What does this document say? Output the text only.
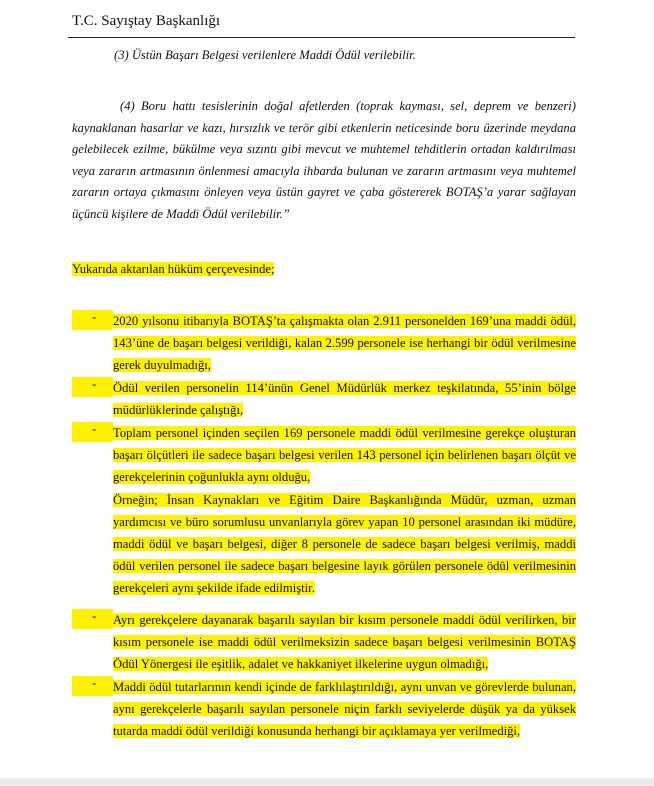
T.C. Sayıştay Başkanlığı
(3) Üstün Başarı Belgesi verilenlere Maddi Ödül verilebilir.
(4) Boru hattı tesislerinin doğal afetlerden (toprak kayması, sel, deprem ve benzeri) kaynaklanan hasarlar ve kazı, hırsızlık ve terör gibi etkenlerin neticesinde boru üzerinde meydana gelebilecek ezilme, bükülme veya sızıntı gibi mevcut ve muhtemel tehditlerin ortadan kaldırılması veya zararın artmasının önlenmesi amacıyla ihbarda bulunan ve zararın artmasını veya muhtemel zararın ortaya çıkmasını önleyen veya üstün gayret ve çaba göstererek BOTAŞ’a yarar sağlayan üçüncü kişilere de Maddi Ödül verilebilir.”
Yukarıda aktarılan hüküm çerçevesinde;
- 2020 yılsonu itibarıyla BOTAŞ’ta çalışmakta olan 2.911 personelden 169’una maddi ödül, 143’üne de başarı belgesi verildiği, kalan 2.599 personele ise herhangi bir ödül verilmesine gerek duyulmadığı,
- Ödül verilen personelin 114’ünün Genel Müdürlük merkez teşkilatında, 55’inin bölge müdürlüklerinde çalıştığı,
- Toplam personel içinden seçilen 169 personele maddi ödül verilmesine gerekçe oluşturan başarı ölçütleri ile sadece başarı belgesi verilen 143 personel için belirlenen başarı ölçüt ve gerekçelerinin çoğunlukla aynı olduğu,
Örneğin; İnsan Kaynakları ve Eğitim Daire Başkanlığında Müdür, uzman, uzman yardımcısı ve büro sorumlusu unvanlarıyla görev yapan 10 personel arasından iki müdüre, maddi ödül ve başarı belgesi, diğer 8 personele de sadece başarı belgesi verilmiş, maddi ödül verilen personel ile sadece başarı belgesine layık görülen personele ödül verilmesinin gerekçeleri aynı şekilde ifade edilmiştir.
- Ayrı gerekçelere dayanarak başarılı sayılan bir kısım personele maddi ödül verilirken, bir kısım personele ise maddi ödül verilmeksizin sadece başarı belgesi verilmesinin BOTAŞ Ödül Yönergesi ile eşitlik, adalet ve hakkaniyet ilkelerine uygun olmadığı,
- Maddi ödül tutarlarının kendi içinde de farklılaştırıldığı, aynı unvan ve görevlerde bulunan, aynı gerekçelerle başarılı sayılan personele niçin farklı seviyelerde düşük ya da yüksek tutarda maddi ödül verildiği konusunda herhangi bir açıklamaya yer verilmediği,
